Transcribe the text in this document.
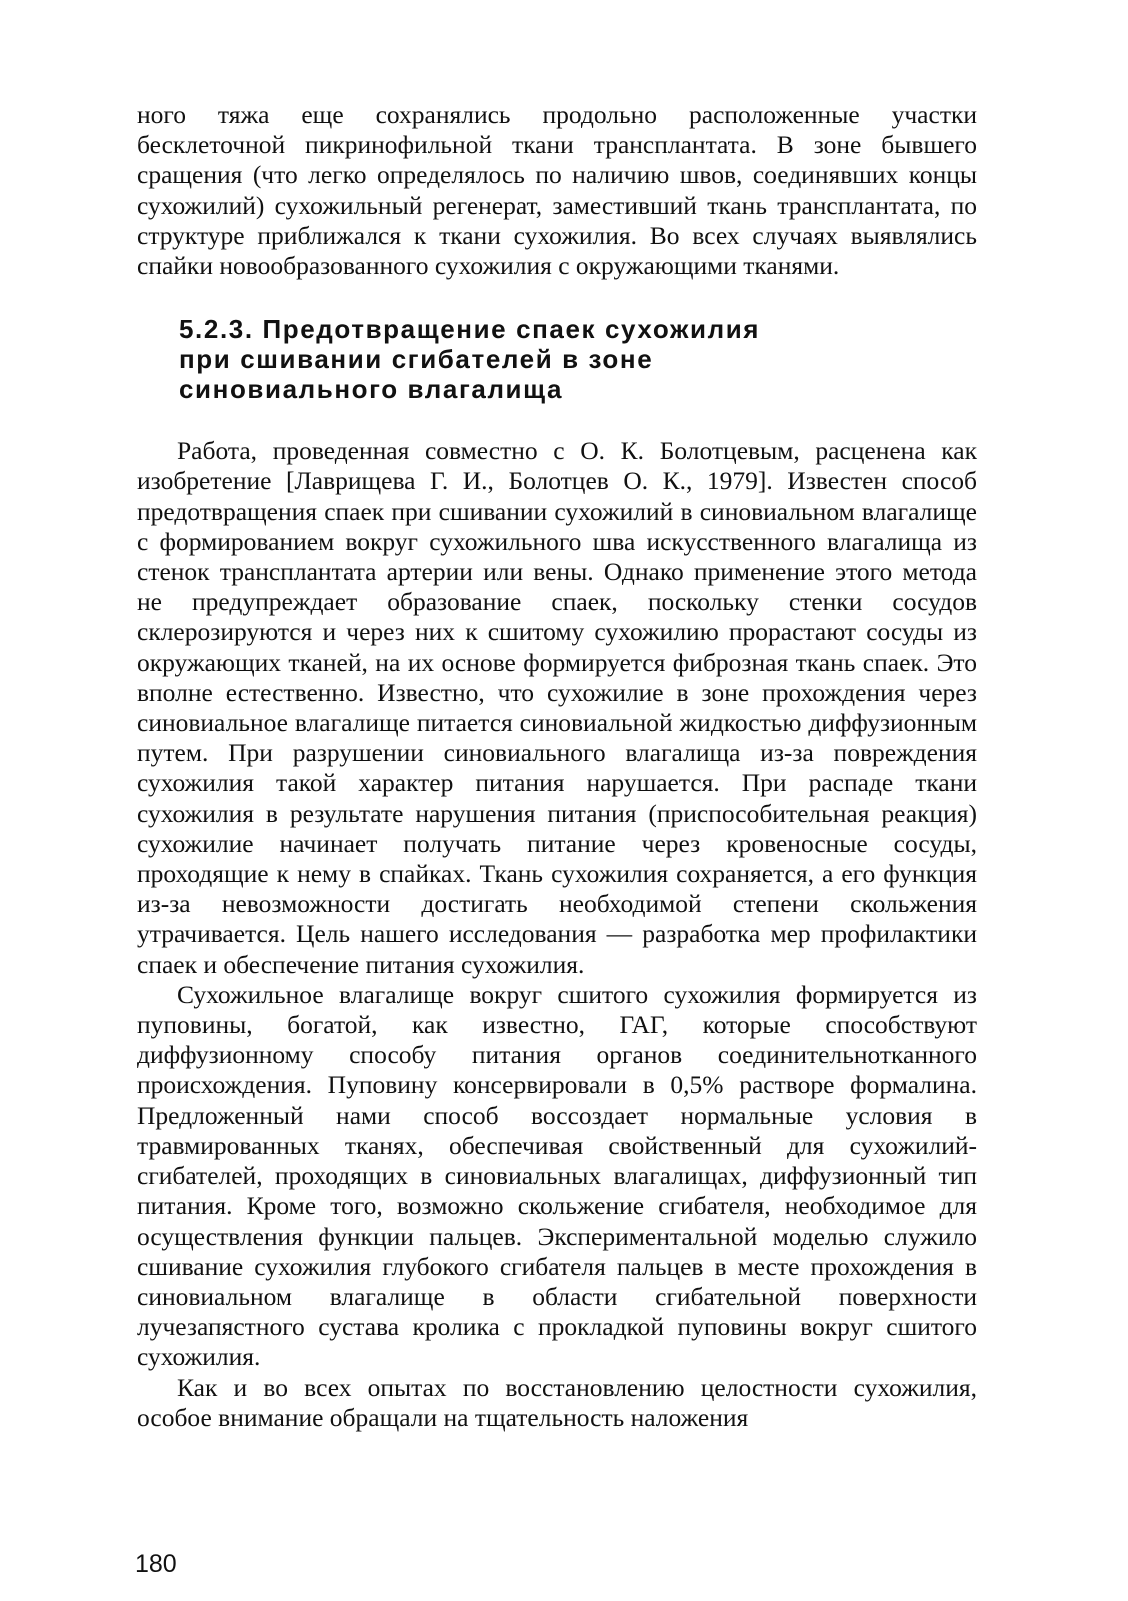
ного тяжа еще сохранялись продольно расположенные участки бесклеточной пикринофильной ткани трансплантата. В зоне бывшего сращения (что легко определялось по наличию швов, соединявших концы сухожилий) сухожильный регенерат, заместивший ткань трансплантата, по структуре приближался к ткани сухожилия. Во всех случаях выявлялись спайки новообразованного сухожилия с окружающими тканями.

5.2.3. Предотвращение спаек сухожилия
при сшивании сгибателей в зоне
синовиального влагалища

Работа, проведенная совместно с О. К. Болотцевым, расценена как изобретение [Лаврищева Г. И., Болотцев О. К., 1979]. Известен способ предотвращения спаек при сшивании сухожилий в синовиальном влагалище с формированием вокруг сухожильного шва искусственного влагалища из стенок трансплантата артерии или вены. Однако применение этого метода не предупреждает образование спаек, поскольку стенки сосудов склерозируются и через них к сшитому сухожилию прорастают сосуды из окружающих тканей, на их основе формируется фиброзная ткань спаек. Это вполне естественно. Известно, что сухожилие в зоне прохождения через синовиальное влагалище питается синовиальной жидкостью диффузионным путем. При разрушении синовиального влагалища из-за повреждения сухожилия такой характер питания нарушается. При распаде ткани сухожилия в результате нарушения питания (приспособительная реакция) сухожилие начинает получать питание через кровеносные сосуды, проходящие к нему в спайках. Ткань сухожилия сохраняется, а его функция из-за невозможности достигать необходимой степени скольжения утрачивается. Цель нашего исследования — разработка мер профилактики спаек и обеспечение питания сухожилия.

Сухожильное влагалище вокруг сшитого сухожилия формируется из пуповины, богатой, как известно, ГАГ, которые способствуют диффузионному способу питания органов соединительнотканного происхождения. Пуповину консервировали в 0,5% растворе формалина. Предложенный нами способ воссоздает нормальные условия в травмированных тканях, обеспечивая свойственный для сухожилий-сгибателей, проходящих в синовиальных влагалищах, диффузионный тип питания. Кроме того, возможно скольжение сгибателя, необходимое для осуществления функции пальцев. Экспериментальной моделью служило сшивание сухожилия глубокого сгибателя пальцев в месте прохождения в синовиальном влагалище в области сгибательной поверхности лучезапястного сустава кролика с прокладкой пуповины вокруг сшитого сухожилия.

Как и во всех опытах по восстановлению целостности сухожилия, особое внимание обращали на тщательность наложения

180
